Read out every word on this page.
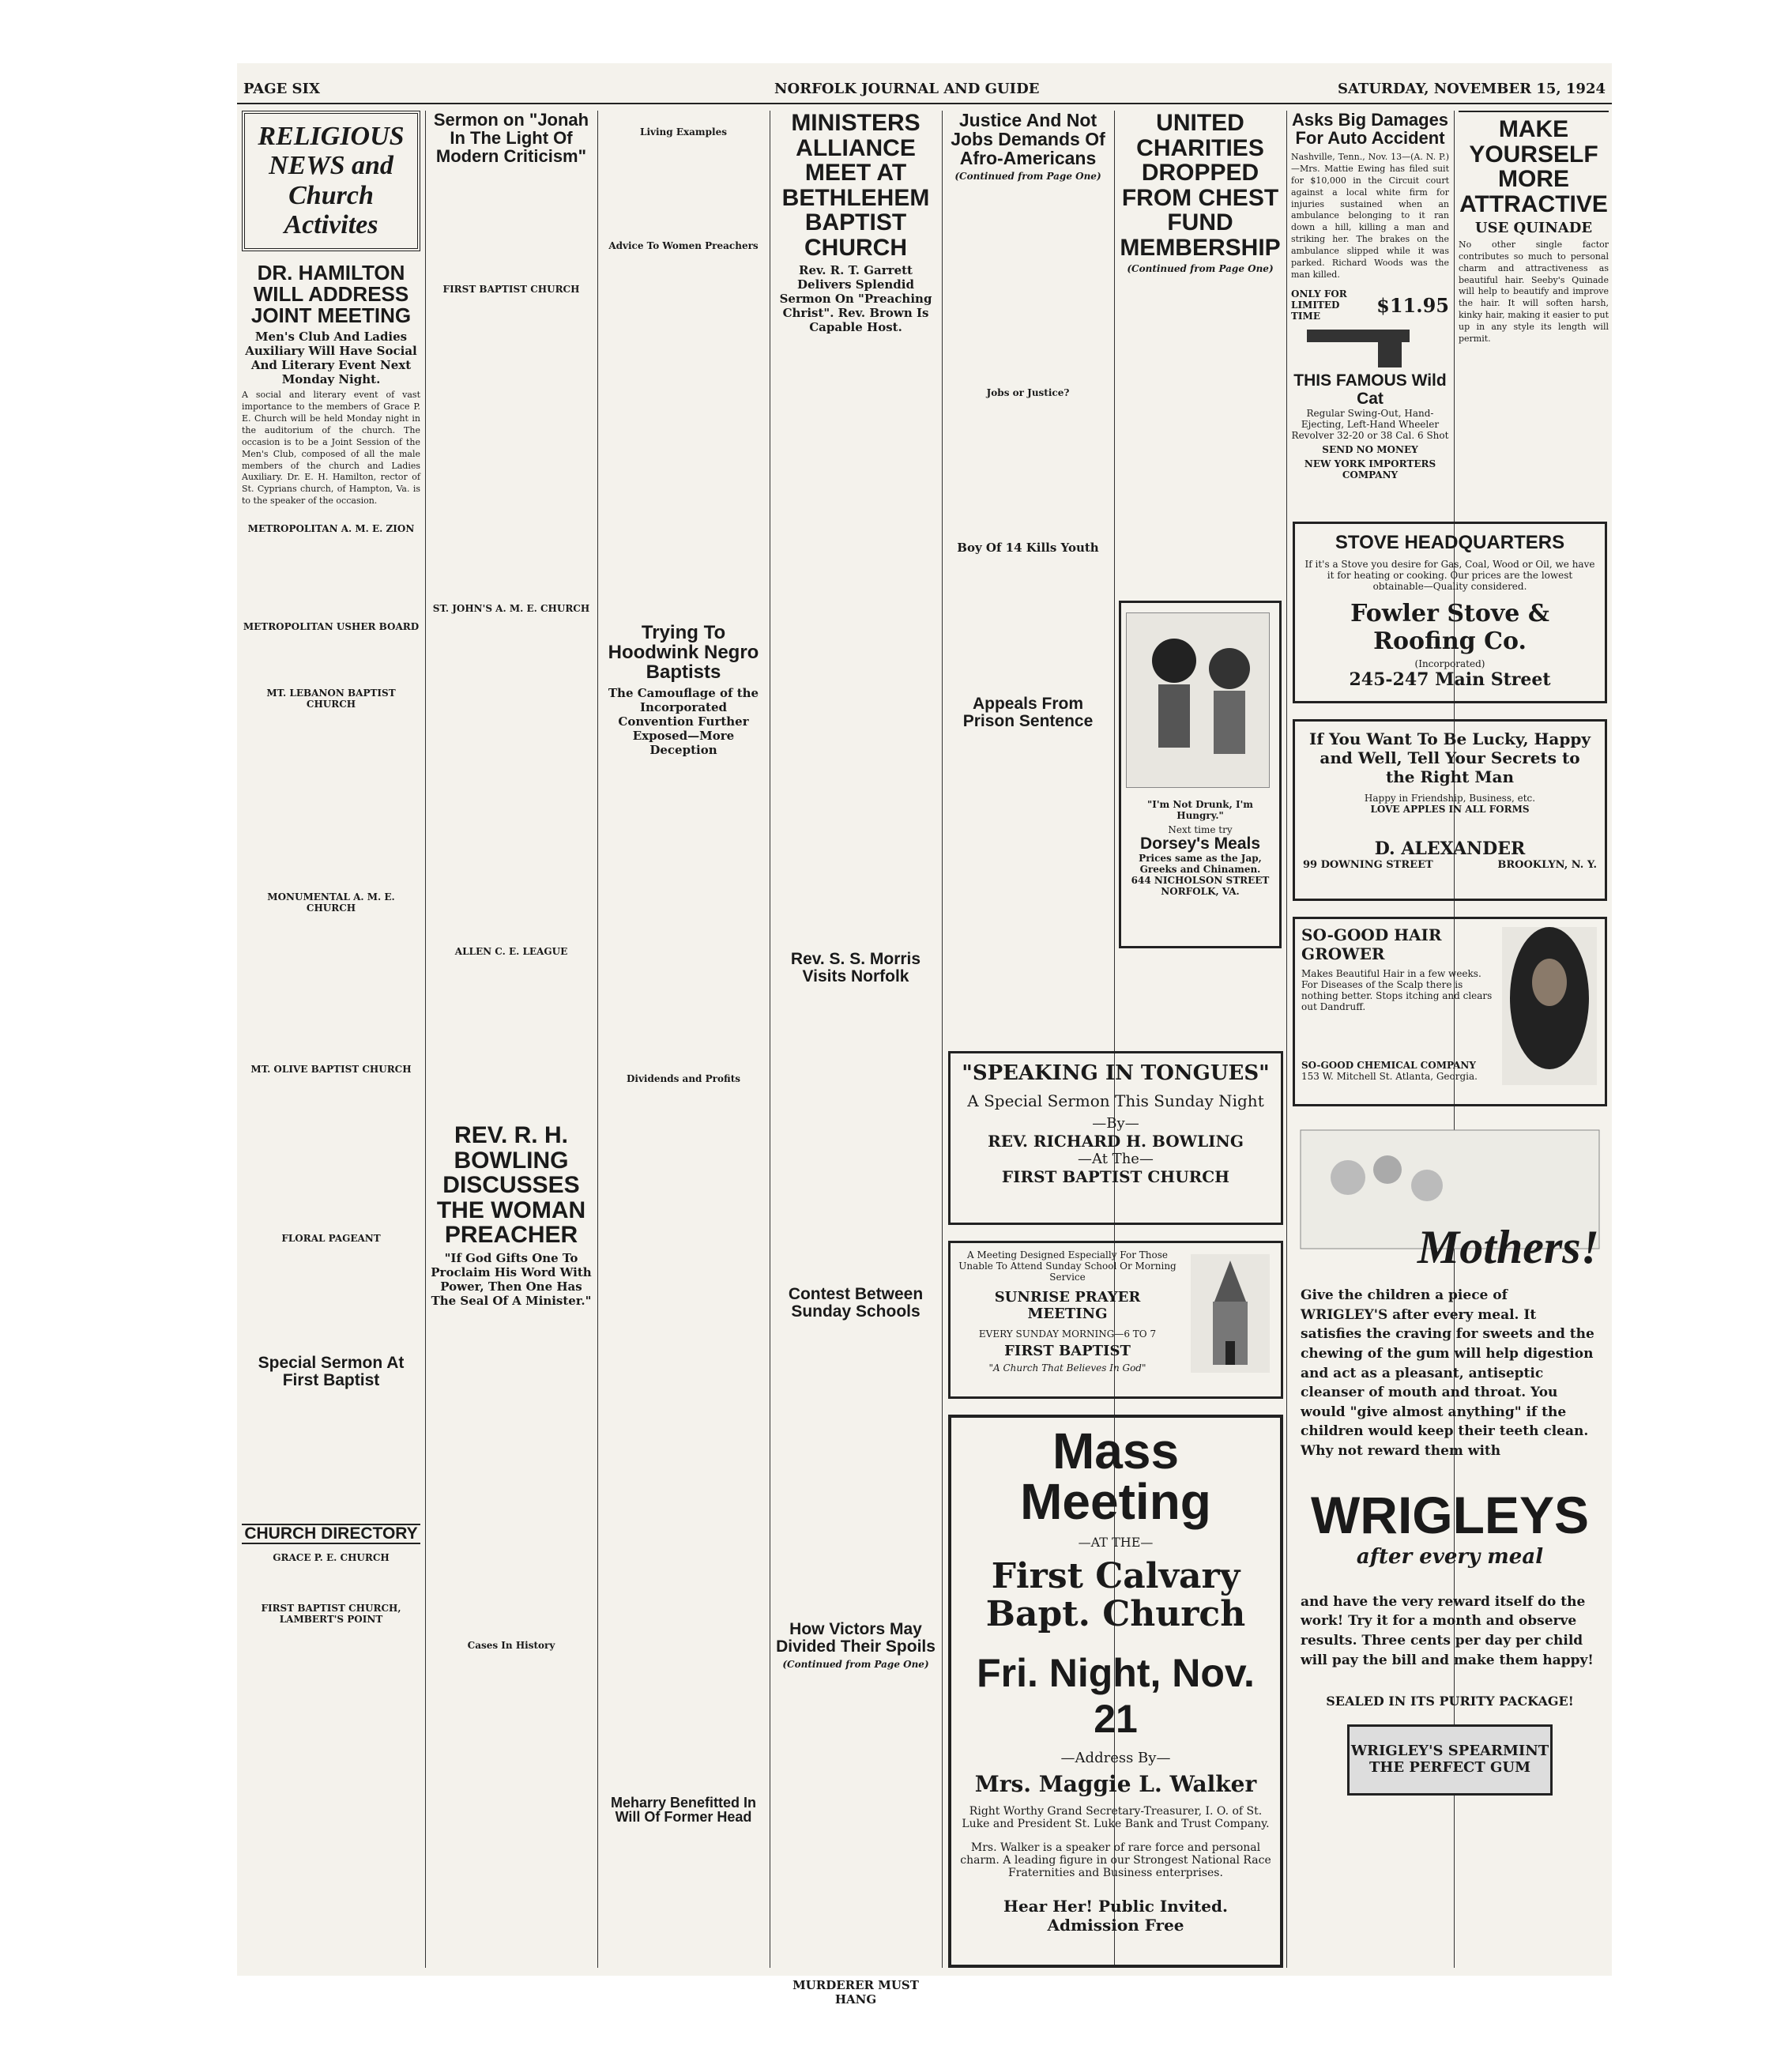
PAGE SIX	NORFOLK JOURNAL AND GUIDE	SATURDAY, NOVEMBER 15, 1924
RELIGIOUS NEWS and Church Activites
DR. HAMILTON WILL ADDRESS JOINT MEETING
Men's Club And Ladies Auxiliary Will Have Social And Literary Event Next Monday Night.
A social and literary event of vast importance to the members of Grace P. E. Church will be held Monday night in the auditorium of the church. The occasion is to be a Joint Session of the Men's Club, composed of all the male members of the church and Ladies Auxiliary. Dr. E. H. Hamilton, rector of St. Cyprians church, of Hampton, Va. is to the speaker of the occasion.
METROPOLITAN A. M. E. ZION
METROPOLITAN USHER BOARD
MT. LEBANON BAPTIST CHURCH
MONUMENTAL A. M. E. CHURCH
MT. OLIVE BAPTIST CHURCH
FLORAL PAGEANT
Special Sermon At First Baptist
CHURCH DIRECTORY
GRACE P. E. CHURCH
FIRST BAPTIST CHURCH, LAMBERT'S POINT
Sermon on "Jonah In The Light Of Modern Criticism"
FIRST BAPTIST CHURCH
ST. JOHN'S A. M. E. CHURCH
ALLEN C. E. LEAGUE
REV. R. H. BOWLING DISCUSSES THE WOMAN PREACHER
"If God Gifts One To Proclaim His Word With Power, Then One Has The Seal Of A Minister."
Cases In History
Living Examples
Advice To Women Preachers
Trying To Hoodwink Negro Baptists
The Camouflage of the Incorporated Convention Further Exposed—More Deception
Dividends and Profits
Meharry Benefitted In Will Of Former Head
MINISTERS ALLIANCE MEET AT BETHLEHEM BAPTIST CHURCH
Rev. R. T. Garrett Delivers Splendid Sermon On "Preaching Christ". Rev. Brown Is Capable Host.
Rev. S. S. Morris Visits Norfolk
Contest Between Sunday Schools
How Victors May Divided Their Spoils
(Continued from Page One)
MURDERER MUST HANG
Justice And Not Jobs Demands Of Afro-Americans
(Continued from Page One)
Jobs or Justice?
Boy Of 14 Kills Youth
UNITED CHARITIES DROPPED FROM CHEST FUND MEMBERSHIP
(Continued from Page One)
Appeals From Prison Sentence
"I'm Not Drunk, I'm Hungry."
Next time try
Dorsey's Meals
Prices same as the Jap, Greeks and Chinamen.
644 NICHOLSON STREET NORFOLK, VA.
"SPEAKING IN TONGUES"
A Special Sermon This Sunday Night
—By—
REV. RICHARD H. BOWLING
—At The—
FIRST BAPTIST CHURCH
A Meeting Designed Especially For Those Unable To Attend Sunday School Or Morning Service
SUNRISE PRAYER MEETING
EVERY SUNDAY MORNING—6 TO 7
FIRST BAPTIST
"A Church That Believes In God"
Mass Meeting
—AT THE—
First Calvary Bapt. Church
Fri. Night, Nov. 21
—Address By—
Mrs. Maggie L. Walker
Right Worthy Grand Secretary-Treasurer, I. O. of St. Luke and President St. Luke Bank and Trust Company.
Mrs. Walker is a speaker of rare force and personal charm. A leading figure in our Strongest National Race Fraternities and Business enterprises.
Hear Her! Public Invited. Admission Free
Asks Big Damages For Auto Accident
Nashville, Tenn., Nov. 13—(A. N. P.)—Mrs. Mattie Ewing has filed suit for $10,000 in the Circuit court against a local white firm for injuries sustained when an ambulance belonging to it ran down a hill, killing a man and striking her. The brakes on the ambulance slipped while it was parked. Richard Woods was the man killed.
ONLY FOR LIMITED TIME	$11.95
THIS FAMOUS Wild Cat
Regular Swing-Out, Hand-Ejecting, Left-Hand Wheeler Revolver 32-20 or 38 Cal. 6 Shot
SEND NO MONEY
NEW YORK IMPORTERS COMPANY
MAKE YOURSELF MORE ATTRACTIVE
USE QUINADE
No other single factor contributes so much to personal charm and attractiveness as beautiful hair. Seeby's Quinade will help to beautify and improve the hair. It will soften harsh, kinky hair, making it easier to put up in any style its length will permit.
STOVE HEADQUARTERS
If it's a Stove you desire for Gas, Coal, Wood or Oil, we have it for heating or cooking. Our prices are the lowest obtainable—Quality considered.
Fowler Stove & Roofing Co.
(Incorporated)
245-247 Main Street
If You Want To Be Lucky, Happy and Well, Tell Your Secrets to the Right Man
Happy in Friendship, Business, etc.
LOVE APPLES IN ALL FORMS
D. ALEXANDER
99 DOWNING STREET	BROOKLYN, N. Y.
SO-GOOD HAIR GROWER
Makes Beautiful Hair in a few weeks. For Diseases of the Scalp there is nothing better. Stops itching and clears out Dandruff.
SO-GOOD CHEMICAL COMPANY
153 W. Mitchell St. Atlanta, Georgia.
Mothers!
Give the children a piece of WRIGLEY'S after every meal. It satisfies the craving for sweets and the chewing of the gum will help digestion and act as a pleasant, antiseptic cleanser of mouth and throat. You would "give almost anything" if the children would keep their teeth clean. Why not reward them with
WRIGLEYS
after every meal
and have the very reward itself do the work! Try it for a month and observe results. Three cents per day per child will pay the bill and make them happy!
SEALED IN ITS PURITY PACKAGE!
WRIGLEY'S SPEARMINT THE PERFECT GUM
